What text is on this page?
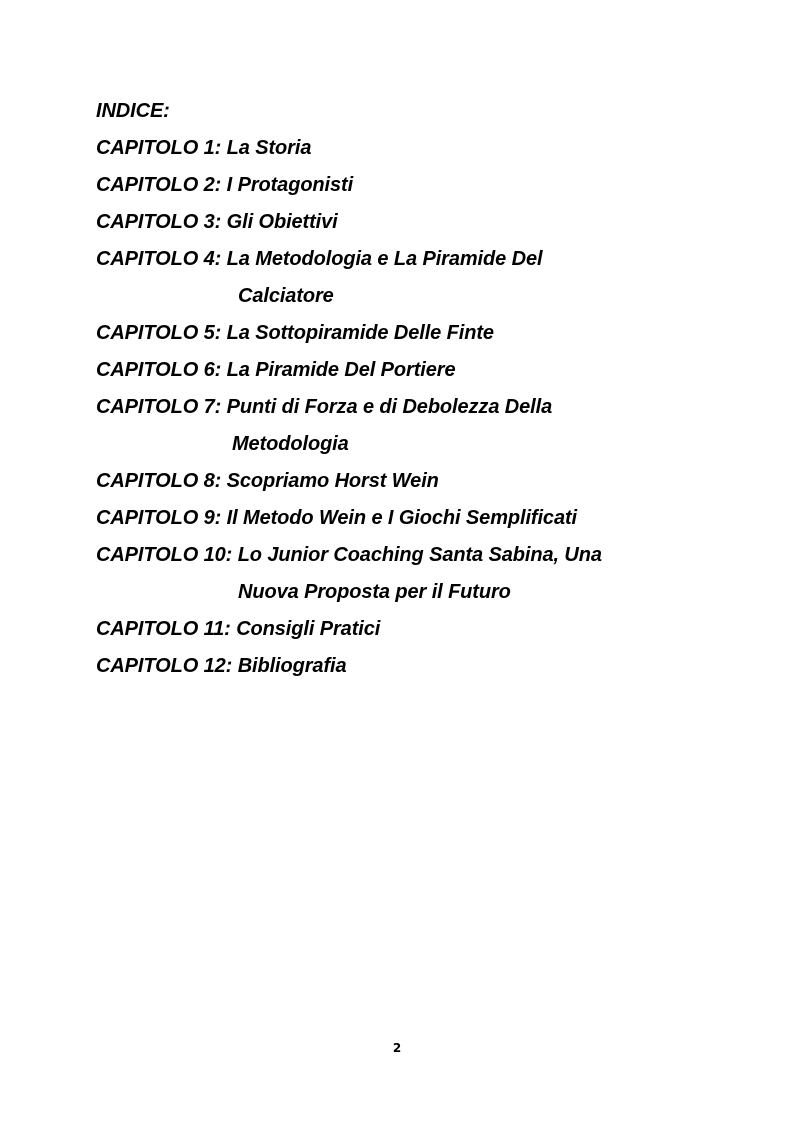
INDICE:
CAPITOLO 1: La Storia
CAPITOLO 2: I Protagonisti
CAPITOLO 3: Gli Obiettivi
CAPITOLO 4: La Metodologia e La Piramide Del
Calciatore
CAPITOLO 5: La Sottopiramide Delle Finte
CAPITOLO 6: La Piramide Del Portiere
CAPITOLO 7: Punti di Forza e di Debolezza Della
Metodologia
CAPITOLO 8: Scopriamo Horst Wein
CAPITOLO 9: Il Metodo Wein e I Giochi Semplificati
CAPITOLO 10: Lo Junior Coaching Santa Sabina, Una
Nuova Proposta per il Futuro
CAPITOLO 11: Consigli Pratici
CAPITOLO 12: Bibliografia
2
